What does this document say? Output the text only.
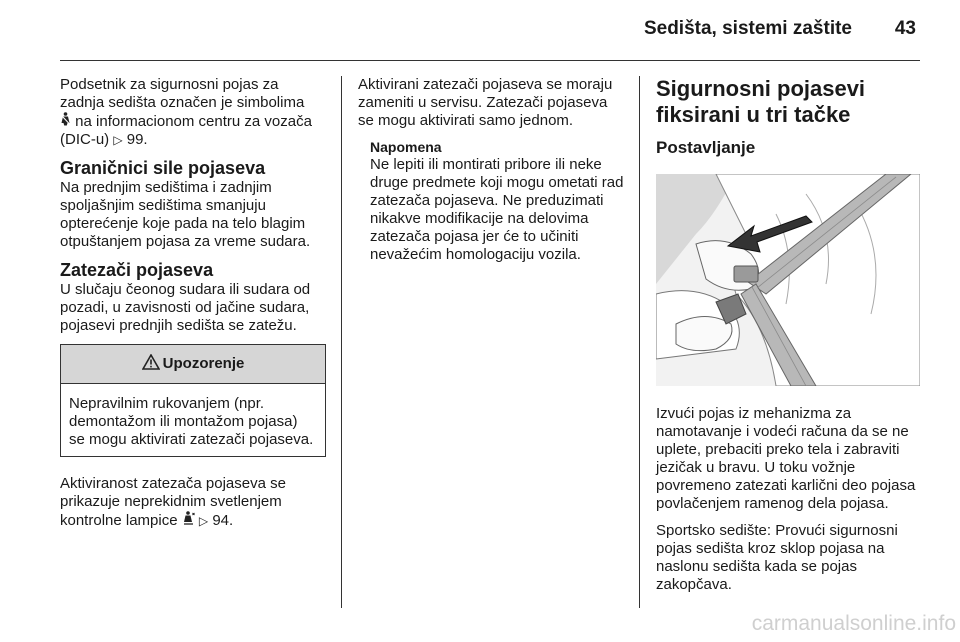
Sedišta, sistemi zaštite	43

Podsetnik za sigurnosni pojas za zadnja sedišta označen je simbolima
na informacionom centru za vozača (DIC-u) ▷ 99.

Graničnici sile pojaseva

Na prednjim sedištima i zadnjim spoljašnjim sedištima smanjuju opterećenje koje pada na telo blagim otpuštanjem pojasa za vreme sudara.

Zatezači pojaseva

U slučaju čeonog sudara ili sudara od pozadi, u zavisnosti od jačine sudara, pojasevi prednjih sedišta se zatežu.

Upozorenje
Nepravilnim rukovanjem (npr. demontažom ili montažom pojasa) se mogu aktivirati zatezači pojaseva.

Aktiviranost zatezača pojaseva se prikazuje neprekidnim svetlenjem kontrolne lampice  ▷ 94.

Aktivirani zatezači pojaseva se moraju zameniti u servisu. Zatezači pojaseva se mogu aktivirati samo jednom.

Napomena
Ne lepiti ili montirati pribore ili neke druge predmete koji mogu ometati rad zatezača pojaseva. Ne preduzimati nikakve modifikacije na delovima zatezača pojasa jer će to učiniti nevažećim homologaciju vozila.
Sigurnosni pojasevi fiksirani u tri tačke
Postavljanje

Izvući pojas iz mehanizma za namotavanje i vodeći računa da se ne uplete, prebaciti preko tela i zabraviti jezičak u bravu. U toku vožnje povremeno zatezati karlični deo pojasa povlačenjem ramenog dela pojasa.

Sportsko sedište: Provući sigurnosni pojas sedišta kroz sklop pojasa na naslonu sedišta kada se pojas zakopčava.

carmanualsonline.info
